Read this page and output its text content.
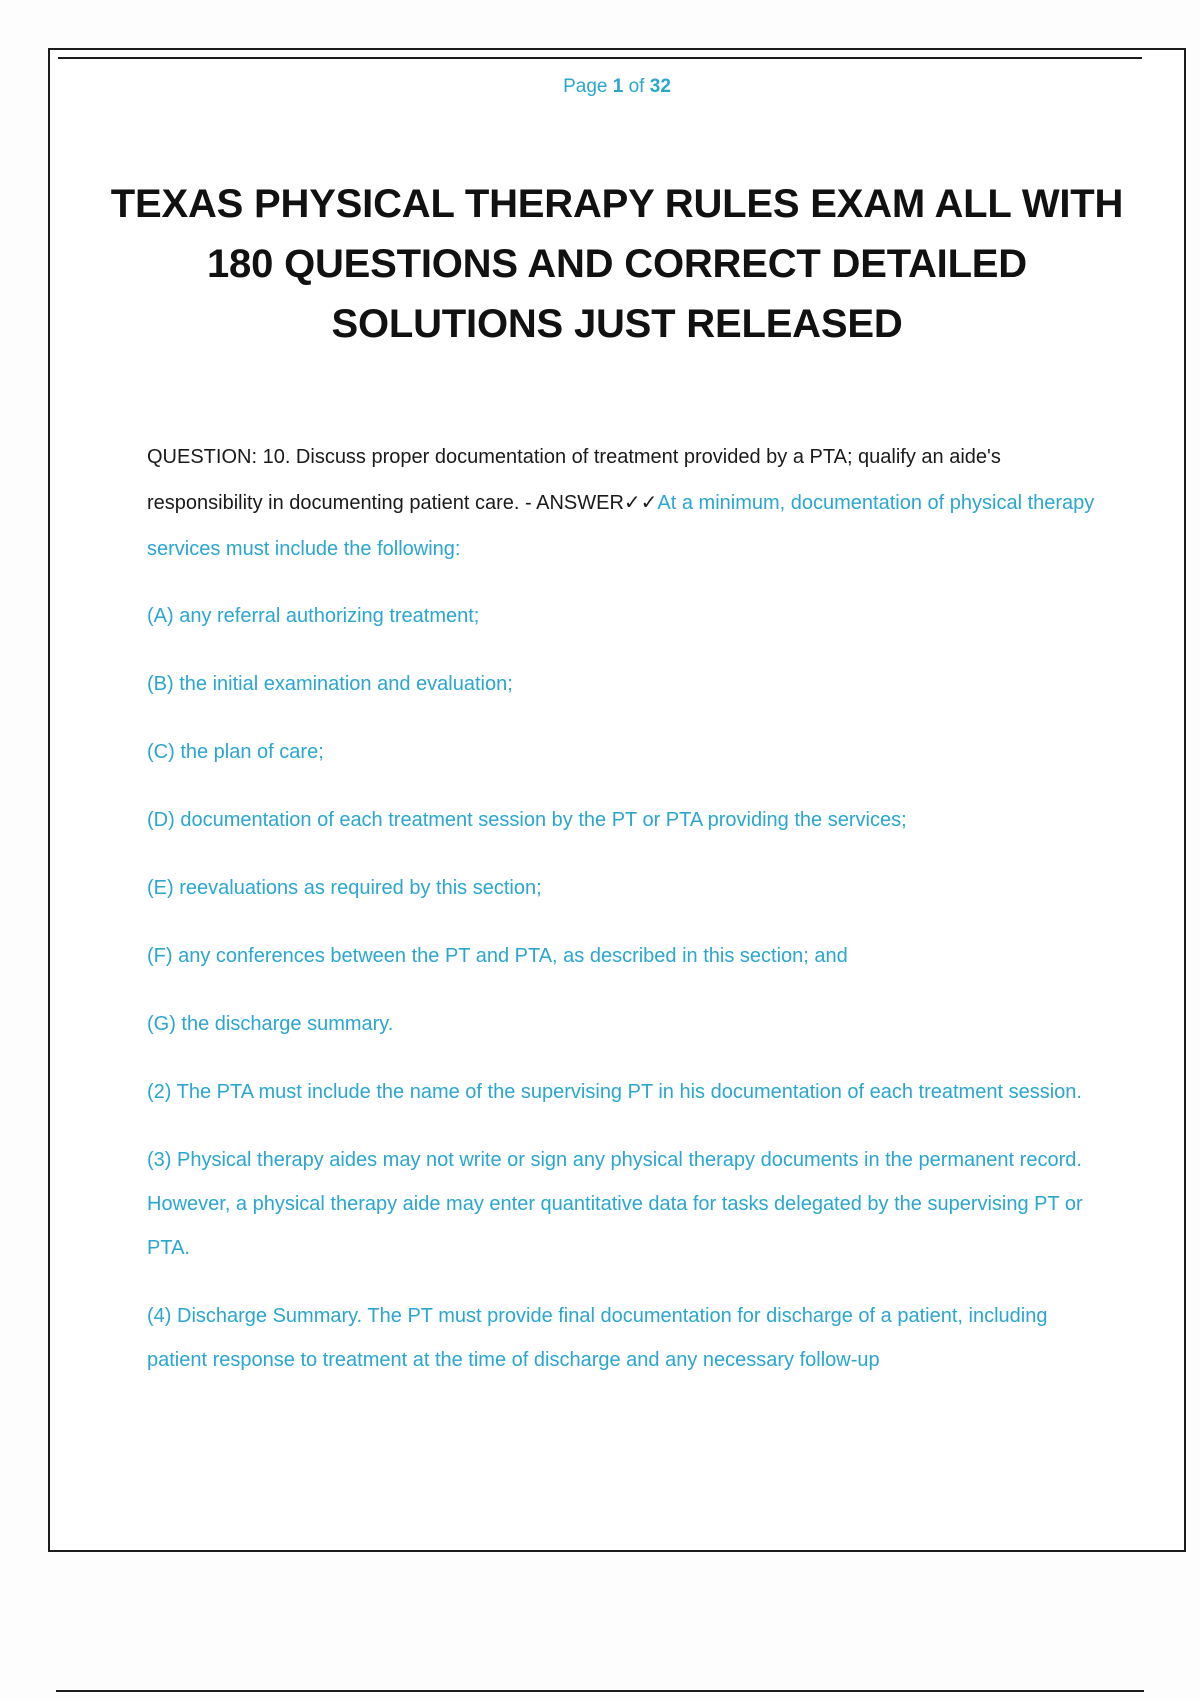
Page 1 of 32
TEXAS PHYSICAL THERAPY RULES EXAM ALL WITH 180 QUESTIONS AND CORRECT DETAILED SOLUTIONS JUST RELEASED

QUESTION: 10. Discuss proper documentation of treatment provided by a PTA; qualify an aide's responsibility in documenting patient care. - ANSWER✓✓At a minimum, documentation of physical therapy services must include the following:

(A) any referral authorizing treatment;

(B) the initial examination and evaluation;

(C) the plan of care;

(D) documentation of each treatment session by the PT or PTA providing the services;

(E) reevaluations as required by this section;

(F) any conferences between the PT and PTA, as described in this section; and

(G) the discharge summary.

(2) The PTA must include the name of the supervising PT in his documentation of each treatment session.

(3) Physical therapy aides may not write or sign any physical therapy documents in the permanent record. However, a physical therapy aide may enter quantitative data for tasks delegated by the supervising PT or PTA.

(4) Discharge Summary. The PT must provide final documentation for discharge of a patient, including patient response to treatment at the time of discharge and any necessary follow-up
